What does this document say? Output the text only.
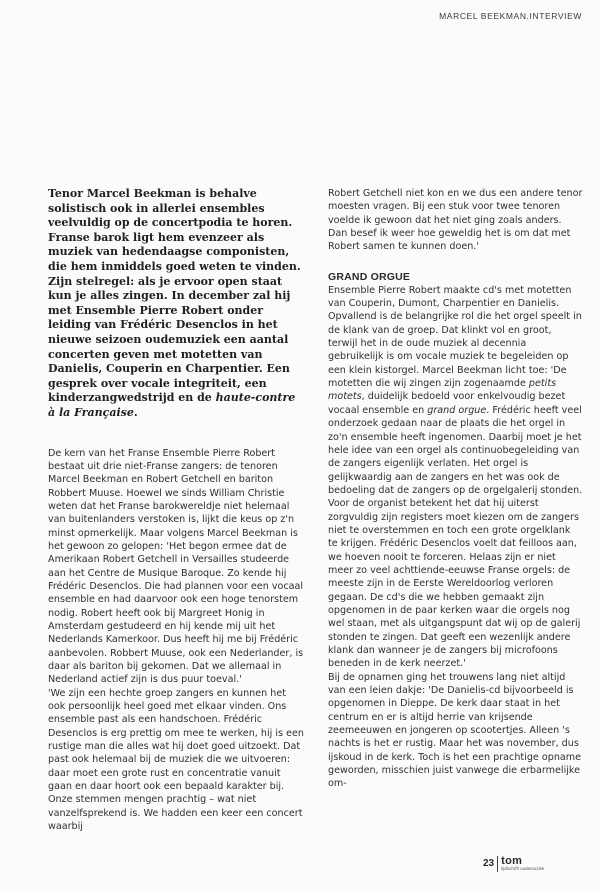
MARCEL BEEKMAN.INTERVIEW

Tenor Marcel Beekman is behalve solistisch ook in allerlei ensembles veelvuldig op de concertpodia te horen. Franse barok ligt hem evenzeer als muziek van hedendaagse componisten, die hem inmiddels goed weten te vinden. Zijn stelregel: als je ervoor open staat kun je alles zingen. In december zal hij met Ensemble Pierre Robert onder leiding van Frédéric Desenclos in het nieuwe seizoen oudemuziek een aantal concerten geven met motetten van Danielis, Couperin en Charpentier. Een gesprek over vocale integriteit, een kinderzangwedstrijd en de haute-contre à la Française.

De kern van het Franse Ensemble Pierre Robert bestaat uit drie niet-Franse zangers: de tenoren Marcel Beekman en Robert Getchell en bariton Robbert Muuse. Hoewel we sinds William Christie weten dat het Franse barokwereldje niet helemaal van buitenlanders verstoken is, lijkt die keus op z'n minst opmerkelijk. Maar volgens Marcel Beekman is het gewoon zo gelopen: 'Het begon ermee dat de Amerikaan Robert Getchell in Versailles studeerde aan het Centre de Musique Baroque. Zo kende hij Frédéric Desenclos. Die had plannen voor een vocaal ensemble en had daarvoor ook een hoge tenorstem nodig. Robert heeft ook bij Margreet Honig in Amsterdam gestudeerd en hij kende mij uit het Nederlands Kamerkoor. Dus heeft hij me bij Frédéric aanbevolen. Robbert Muuse, ook een Nederlander, is daar als bariton bij gekomen. Dat we allemaal in Nederland actief zijn is dus puur toeval.'

'We zijn een hechte groep zangers en kunnen het ook persoonlijk heel goed met elkaar vinden. Ons ensemble past als een handschoen. Frédéric Desenclos is erg prettig om mee te werken, hij is een rustige man die alles wat hij doet goed uitzoekt. Dat past ook helemaal bij de muziek die we uitvoeren: daar moet een grote rust en concentratie vanuit gaan en daar hoort ook een bepaald karakter bij. Onze stemmen mengen prachtig – wat niet vanzelfsprekend is. We hadden een keer een concert waarbij

Robert Getchell niet kon en we dus een andere tenor moesten vragen. Bij een stuk voor twee tenoren voelde ik gewoon dat het niet ging zoals anders. Dan besef ik weer hoe geweldig het is om dat met Robert samen te kunnen doen.'

GRAND ORGUE

Ensemble Pierre Robert maakte cd's met motetten van Couperin, Dumont, Charpentier en Danielis. Opvallend is de belangrijke rol die het orgel speelt in de klank van de groep. Dat klinkt vol en groot, terwijl het in de oude muziek al decennia gebruikelijk is om vocale muziek te begeleiden op een klein kistorgel. Marcel Beekman licht toe: 'De motetten die wij zingen zijn zogenaamde petits motets, duidelijk bedoeld voor enkelvoudig bezet vocaal ensemble en grand orgue. Frédéric heeft veel onderzoek gedaan naar de plaats die het orgel in zo'n ensemble heeft ingenomen. Daarbij moet je het hele idee van een orgel als continuobegeleiding van de zangers eigenlijk verlaten. Het orgel is gelijkwaardig aan de zangers en het was ook de bedoeling dat de zangers op de orgelgalerij stonden. Voor de organist betekent het dat hij uiterst zorgvuldig zijn registers moet kiezen om de zangers niet te overstemmen en toch een grote orgelklank te krijgen. Frédéric Desenclos voelt dat feilloos aan, we hoeven nooit te forceren. Helaas zijn er niet meer zo veel achttiende-eeuwse Franse orgels: de meeste zijn in de Eerste Wereldoorlog verloren gegaan. De cd's die we hebben gemaakt zijn opgenomen in de paar kerken waar die orgels nog wel staan, met als uitgangspunt dat wij op de galerij stonden te zingen. Dat geeft een wezenlijk andere klank dan wanneer je de zangers bij microfoons beneden in de kerk neerzet.'

Bij de opnamen ging het trouwens lang niet altijd van een leien dakje: 'De Danielis-cd bijvoorbeeld is opgenomen in Dieppe. De kerk daar staat in het centrum en er is altijd herrie van krijsende zeemeeuwen en jongeren op scootertjes. Alleen 's nachts is het er rustig. Maar het was november, dus ijskoud in de kerk. Toch is het een prachtige opname geworden, misschien juist vanwege die erbarmelijke om-

23 tom
tijdschrift oudemuziek
